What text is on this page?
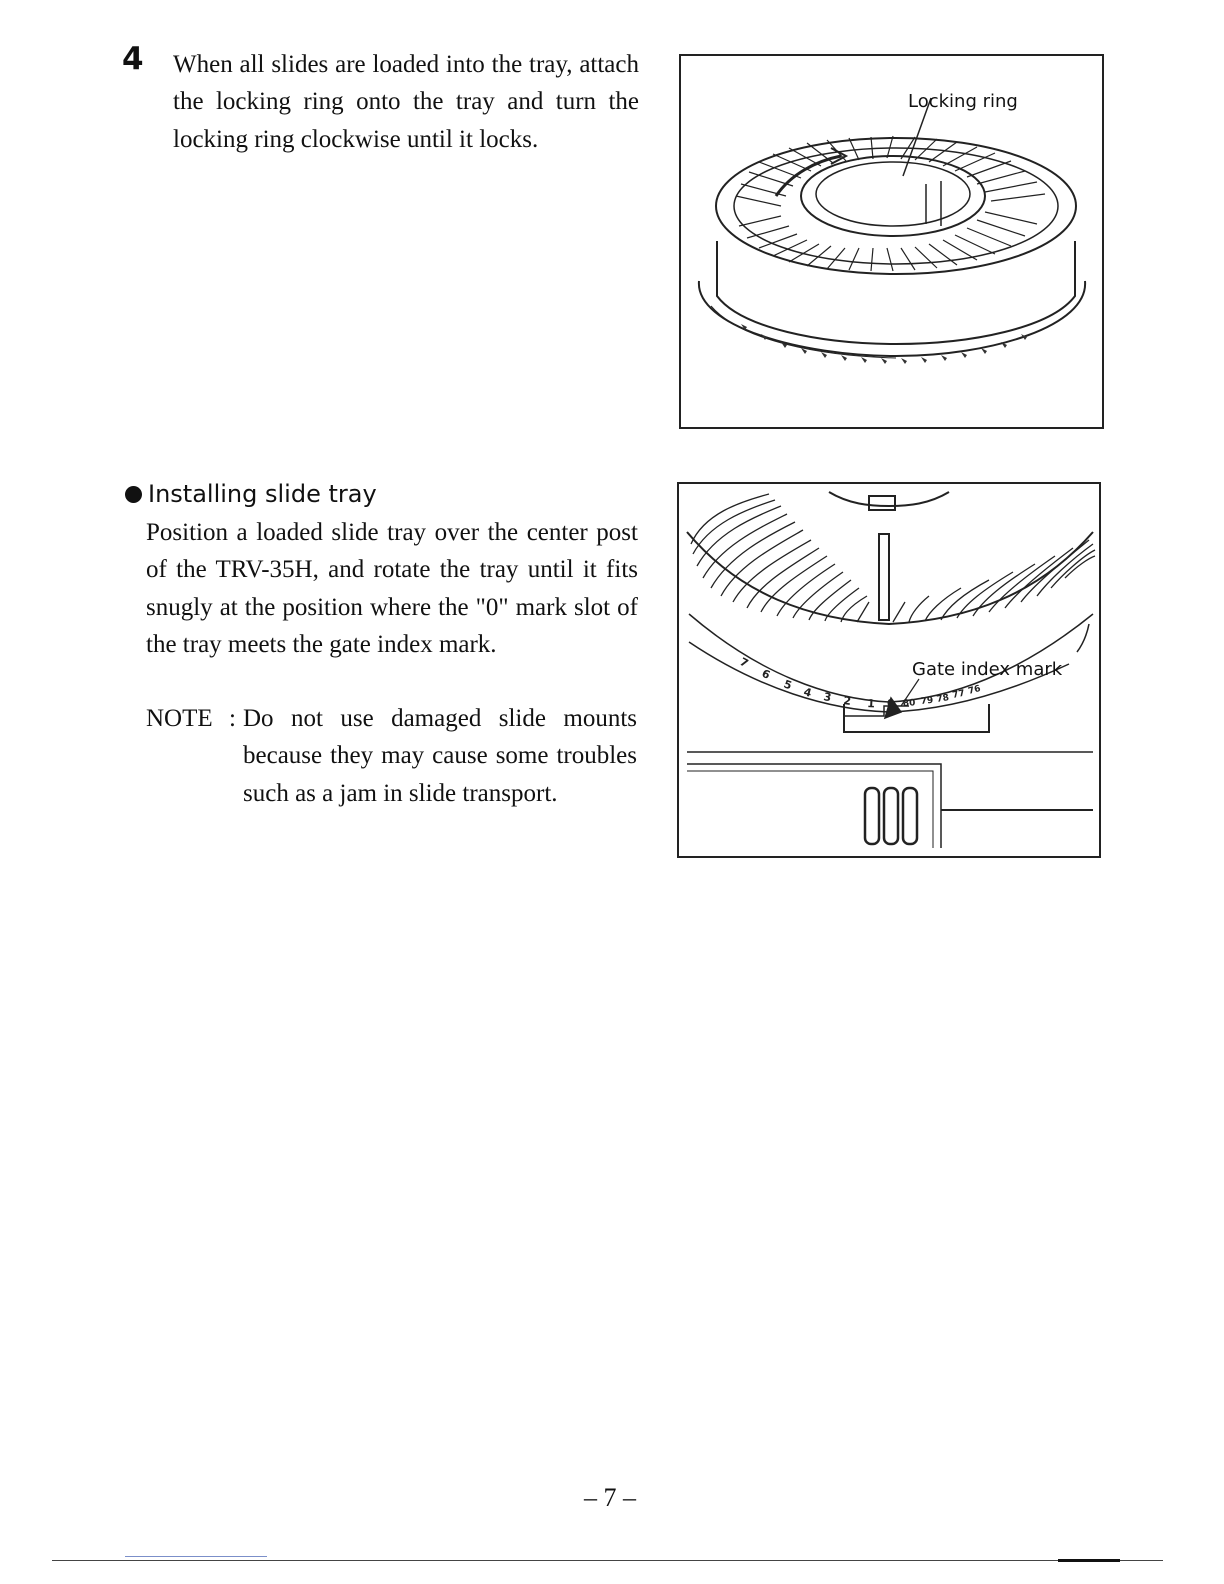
4 When all slides are loaded into the tray, attach the locking ring onto the tray and turn the locking ring clockwise until it locks.
Locking ring
Installing slide tray
Position a loaded slide tray over the center post of the TRV-35H, and rotate the tray until it fits snugly at the position where the "0" mark slot of the tray meets the gate index mark.
NOTE : Do not use damaged slide mounts because they may cause some troubles such as a jam in slide transport.
7
6
5
4 3 2 1 0 80 79 78 77 76
Gate index mark
– 7 –
